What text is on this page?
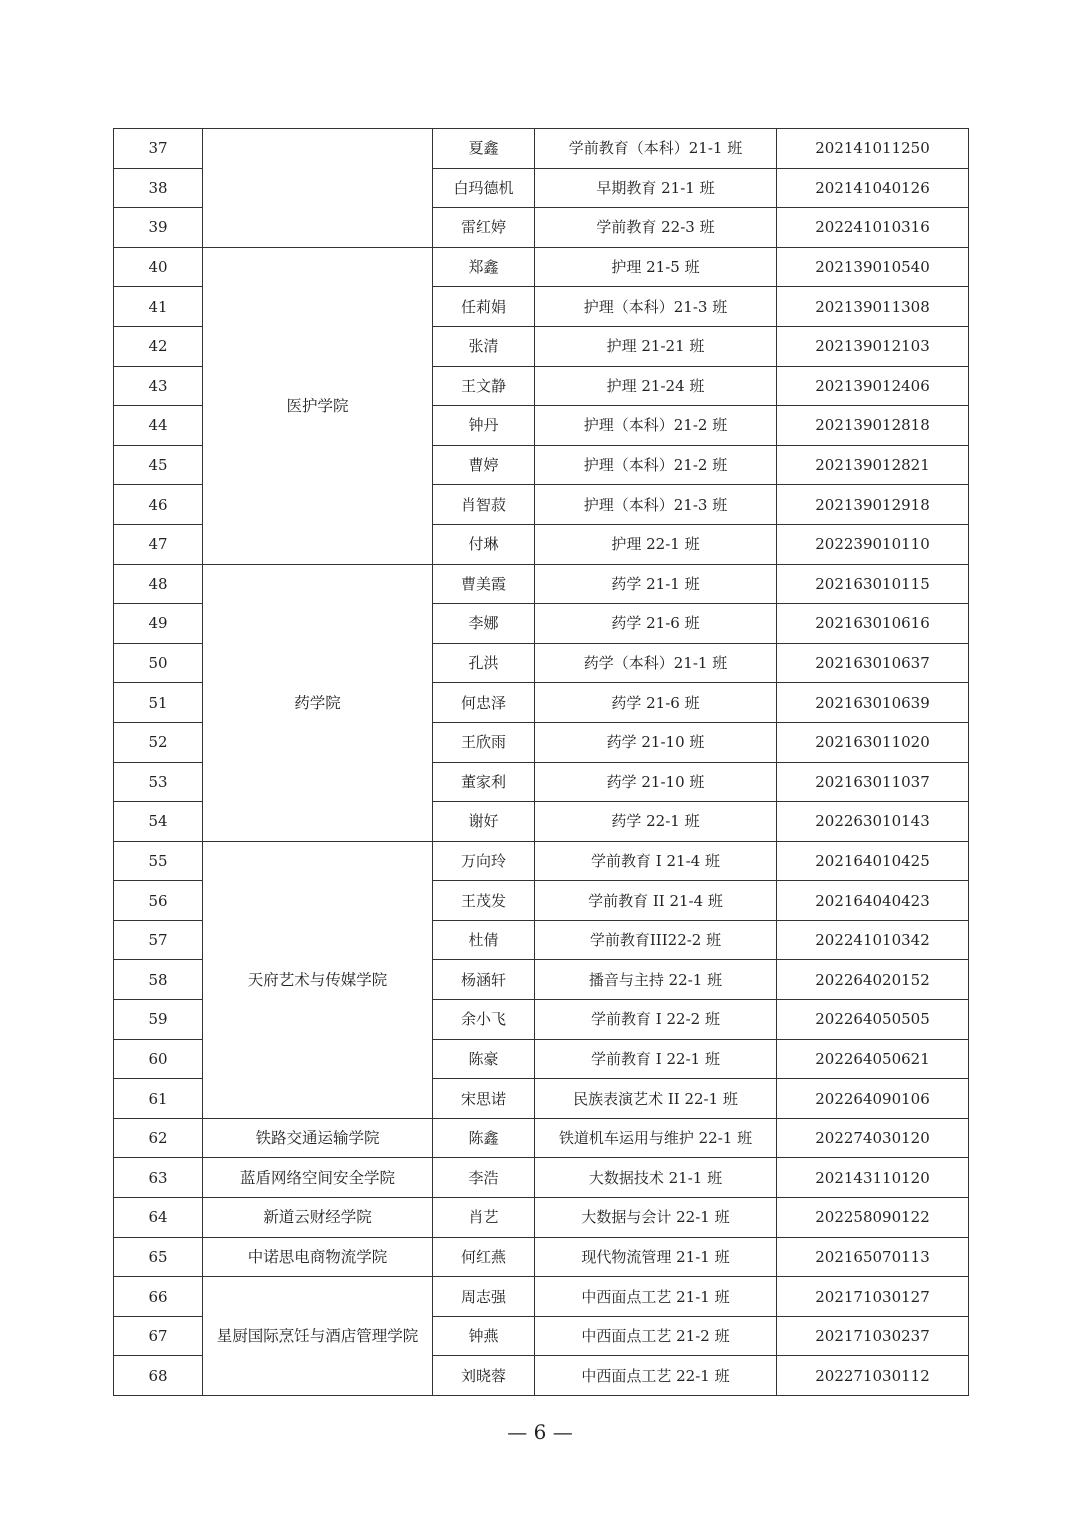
37		夏鑫	学前教育（本科）21-1 班	202141011250
38		白玛德机	早期教育 21-1 班	202141040126
39		雷红婷	学前教育 22-3 班	202241010316
40	医护学院	郑鑫	护理 21-5 班	202139010540
41		任莉娟	护理（本科）21-3 班	202139011308
42		张清	护理 21-21 班	202139012103
43		王文静	护理 21-24 班	202139012406
44		钟丹	护理（本科）21-2 班	202139012818
45		曹婷	护理（本科）21-2 班	202139012821
46		肖智菽	护理（本科）21-3 班	202139012918
47		付琳	护理 22-1 班	202239010110
48	药学院	曹美霞	药学 21-1 班	202163010115
49		李娜	药学 21-6 班	202163010616
50		孔洪	药学（本科）21-1 班	202163010637
51		何忠泽	药学 21-6 班	202163010639
52		王欣雨	药学 21-10 班	202163011020
53		董家利	药学 21-10 班	202163011037
54		谢好	药学 22-1 班	202263010143
55	天府艺术与传媒学院	万向玲	学前教育 I 21-4 班	202164010425
56		王茂发	学前教育 II 21-4 班	202164040423
57		杜倩	学前教育III22-2 班	202241010342
58		杨涵轩	播音与主持 22-1 班	202264020152
59		余小飞	学前教育 I 22-2 班	202264050505
60		陈豪	学前教育 I 22-1 班	202264050621
61		宋思诺	民族表演艺术 II 22-1 班	202264090106
62	铁路交通运输学院	陈鑫	铁道机车运用与维护 22-1 班	202274030120
63	蓝盾网络空间安全学院	李浩	大数据技术 21-1 班	202143110120
64	新道云财经学院	肖艺	大数据与会计 22-1 班	202258090122
65	中诺思电商物流学院	何红燕	现代物流管理 21-1 班	202165070113
66	星厨国际烹饪与酒店管理学院	周志强	中西面点工艺 21-1 班	202171030127
67		钟燕	中西面点工艺 21-2 班	202171030237
68		刘晓蓉	中西面点工艺 22-1 班	202271030112
— 6 —
